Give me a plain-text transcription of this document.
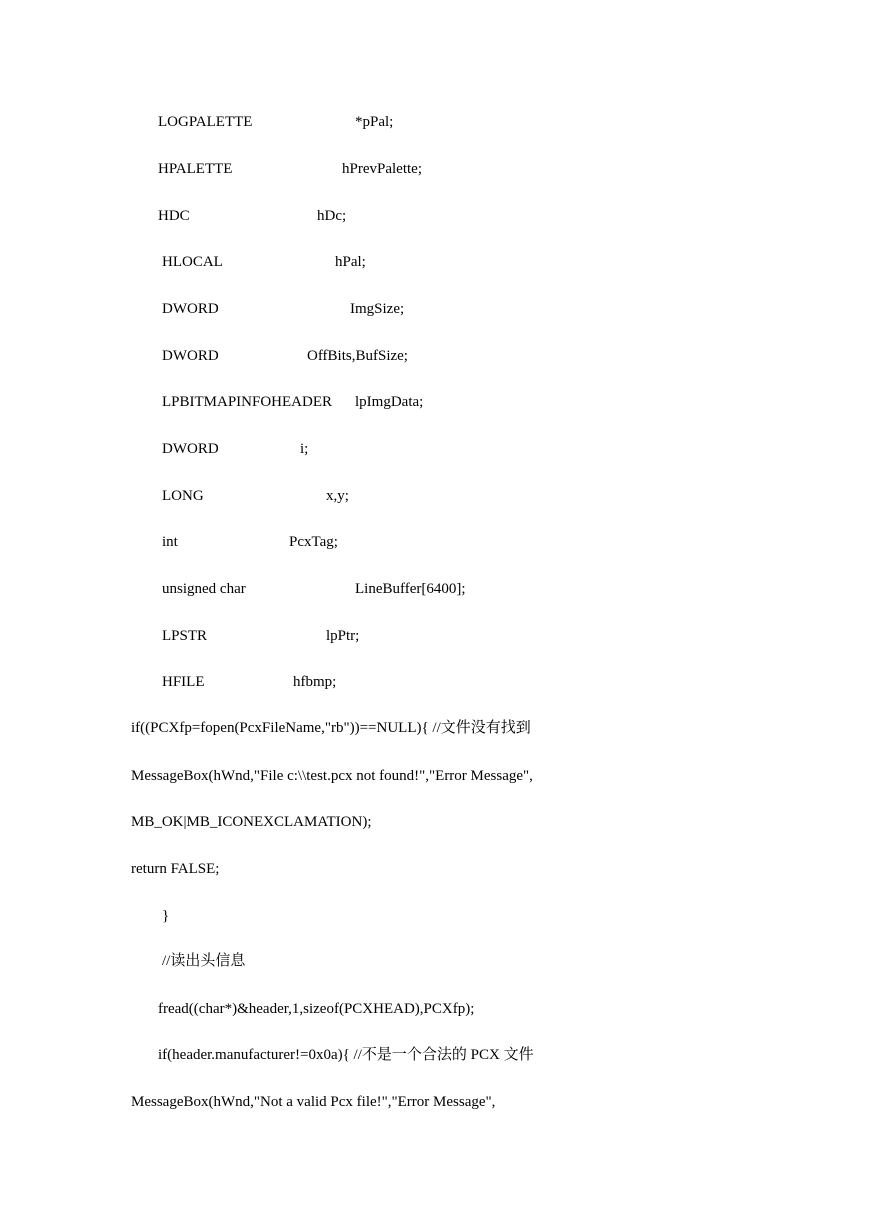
LOGPALETTE	*pPal;
HPALETTE	hPrevPalette;
HDC	hDc;
HLOCAL	hPal;
DWORD	ImgSize;
DWORD	OffBits,BufSize;
LPBITMAPINFOHEADER lpImgData;
DWORD	i;
LONG	x,y;
int	PcxTag;
unsigned char	LineBuffer[6400];
LPSTR	lpPtr;
HFILE	hfbmp;
if((PCXfp=fopen(PcxFileName,"rb"))==NULL){ //文件没有找到
MessageBox(hWnd,"File c:\\test.pcx not found!","Error Message",
MB_OK|MB_ICONEXCLAMATION);
return FALSE;
}
//读出头信息
fread((char*)&header,1,sizeof(PCXHEAD),PCXfp);
if(header.manufacturer!=0x0a){ //不是一个合法的 PCX 文件
MessageBox(hWnd,"Not a valid Pcx file!","Error Message",
